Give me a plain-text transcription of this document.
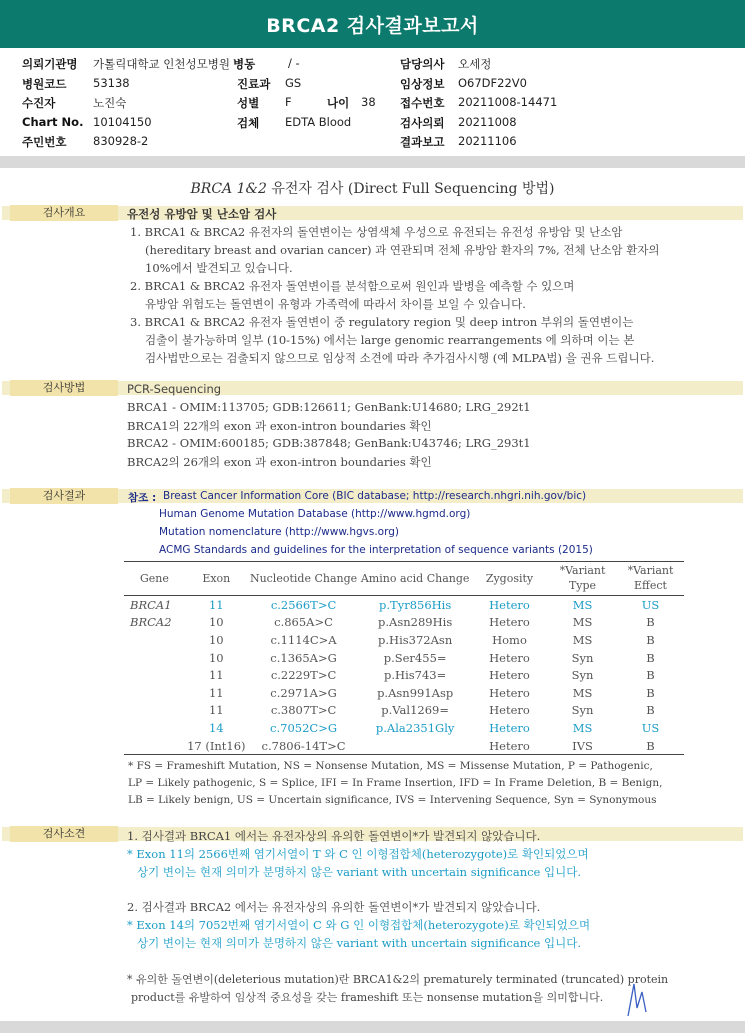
BRCA2 검사결과보고서
의뢰기관명 가톨릭대학교 인천성모병원 병동	/ -	담당의사 오세정
병원코드 53138	진료과 GS	임상정보 O67DF22V0
수진자	노진숙	성별 F	나이 38 접수번호 20211008-14471
Chart No. 10104150	검체 EDTA Blood	검사의뢰 20211008
주민번호 830928-2	결과보고 20211106
BRCA 1&2 유전자 검사 (Direct Full Sequencing 방법)
검사개요	유전성 유방암 및 난소암 검사
1. BRCA1 & BRCA2 유전자의 돌연변이는 상염색체 우성으로 유전되는 유전성 유방암 및 난소암
(hereditary breast and ovarian cancer) 과 연관되며 전체 유방암 환자의 7%, 전체 난소암 환자의
10%에서 발견되고 있습니다.
2. BRCA1 & BRCA2 유전자 돌연변이를 분석함으로써 원인과 발병을 예측할 수 있으며
유방암 위험도는 돌연변이 유형과 가족력에 따라서 차이를 보일 수 있습니다.
3. BRCA1 & BRCA2 유전자 돌연변이 중 regulatory region 및 deep intron 부위의 돌연변이는
검출이 불가능하며 일부 (10-15%) 에서는 large genomic rearrangements 에 의하며 이는 본
검사법만으로는 검출되지 않으므로 임상적 소견에 따라 추가검사시행 (예 MLPA법) 을 권유 드립니다.
검사방법	PCR-Sequencing
BRCA1 - OMIM:113705; GDB:126611; GenBank:U14680; LRG_292t1
BRCA1의 22개의 exon 과 exon-intron boundaries 확인
BRCA2 - OMIM:600185; GDB:387848; GenBank:U43746; LRG_293t1
BRCA2의 26개의 exon 과 exon-intron boundaries 확인
검사결과	참조 : Breast Cancer Information Core (BIC database; http://research.nhgri.nih.gov/bic)
Human Genome Mutation Database (http://www.hgmd.org)
Mutation nomenclature (http://www.hgvs.org)
ACMG Standards and guidelines for the interpretation of sequence variants (2015)
Gene	Exon	Nucleotide Change	Amino acid Change	Zygosity	*Variant Type	*Variant Effect
BRCA1	11	c.2566T>C	p.Tyr856His	Hetero	MS	US
BRCA2	10	c.865A>C	p.Asn289His	Hetero	MS	B
	10	c.1114C>A	p.His372Asn	Homo	MS	B
	10	c.1365A>G	p.Ser455=	Hetero	Syn	B
	11	c.2229T>C	p.His743=	Hetero	Syn	B
	11	c.2971A>G	p.Asn991Asp	Hetero	MS	B
	11	c.3807T>C	p.Val1269=	Hetero	Syn	B
	14	c.7052C>G	p.Ala2351Gly	Hetero	MS	US
	17 (Int16)	c.7806-14T>C		Hetero	IVS	B
* FS = Frameshift Mutation, NS = Nonsense Mutation, MS = Missense Mutation, P = Pathogenic,
LP = Likely pathogenic, S = Splice, IFI = In Frame Insertion, IFD = In Frame Deletion, B = Benign,
LB = Likely benign, US = Uncertain significance, IVS = Intervening Sequence, Syn = Synonymous
검사소견	1. 검사결과 BRCA1 에서는 유전자상의 유의한 돌연변이*가 발견되지 않았습니다.
* Exon 11의 2566번째 염기서열이 T 와 C 인 이형접합체(heterozygote)로 확인되었으며
상기 변이는 현재 의미가 분명하지 않은 variant with uncertain significance 입니다.
2. 검사결과 BRCA2 에서는 유전자상의 유의한 돌연변이*가 발견되지 않았습니다.
* Exon 14의 7052번째 염기서열이 C 와 G 인 이형접합체(heterozygote)로 확인되었으며
상기 변이는 현재 의미가 분명하지 않은 variant with uncertain significance 입니다.
* 유의한 돌연변이(deleterious mutation)란 BRCA1&2의 prematurely terminated (truncated) protein
product를 유발하여 임상적 중요성을 갖는 frameshift 또는 nonsense mutation을 의미합니다.
